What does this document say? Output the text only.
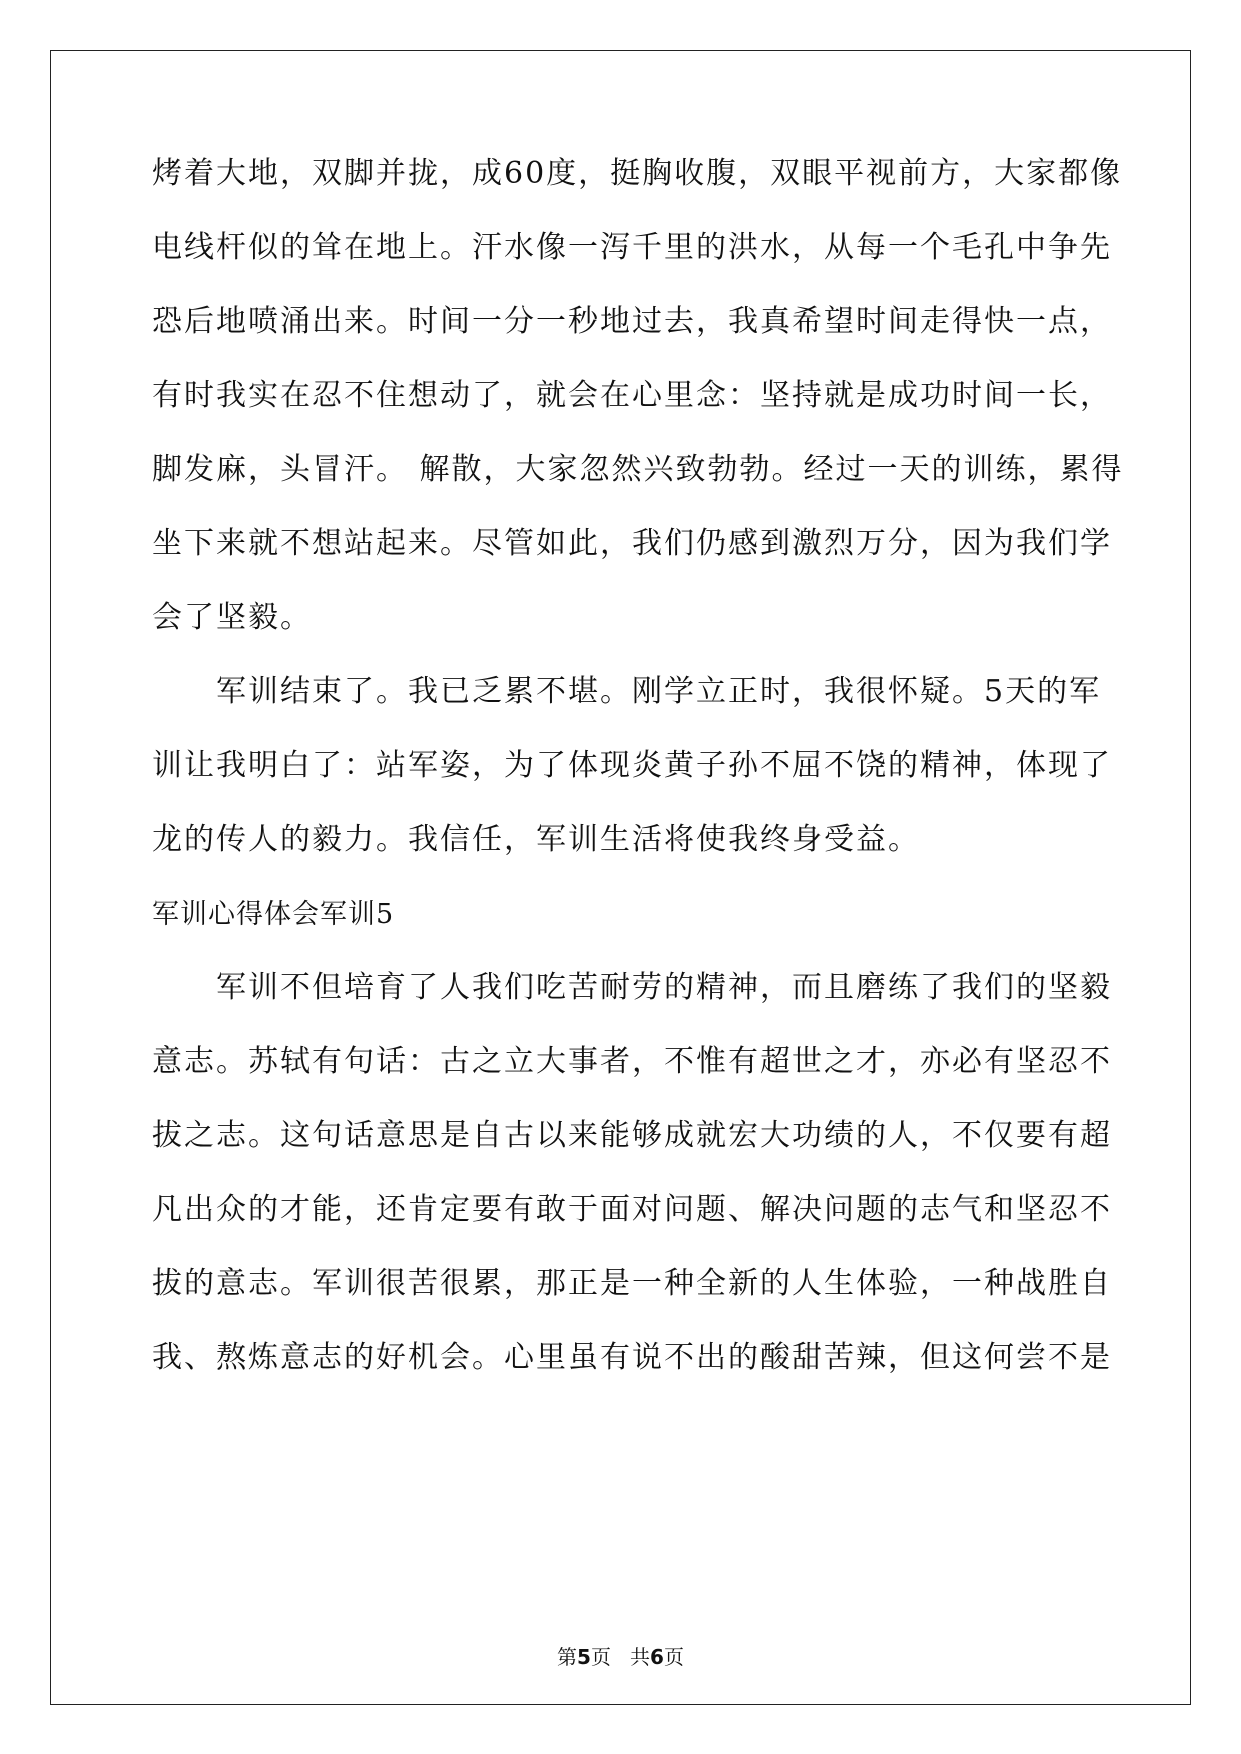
烤着大地，双脚并拢，成60度，挺胸收腹，双眼平视前方，大家都像
电线杆似的耸在地上。汗水像一泻千里的洪水，从每一个毛孔中争先
恐后地喷涌出来。时间一分一秒地过去，我真希望时间走得快一点，
有时我实在忍不住想动了，就会在心里念：坚持就是成功时间一长，
脚发麻，头冒汗。 解散，大家忽然兴致勃勃。经过一天的训练，累得
坐下来就不想站起来。尽管如此，我们仍感到激烈万分，因为我们学
会了坚毅。
　　军训结束了。我已乏累不堪。刚学立正时，我很怀疑。5天的军
训让我明白了：站军姿，为了体现炎黄子孙不屈不饶的精神，体现了
龙的传人的毅力。我信任，军训生活将使我终身受益。
军训心得体会军训5
　　军训不但培育了人我们吃苦耐劳的精神，而且磨练了我们的坚毅
意志。苏轼有句话：古之立大事者，不惟有超世之才，亦必有坚忍不
拔之志。这句话意思是自古以来能够成就宏大功绩的人，不仅要有超
凡出众的才能，还肯定要有敢于面对问题、解决问题的志气和坚忍不
拔的意志。军训很苦很累，那正是一种全新的人生体验，一种战胜自
我、熬炼意志的好机会。心里虽有说不出的酸甜苦辣，但这何尝不是
第5页 共6页
